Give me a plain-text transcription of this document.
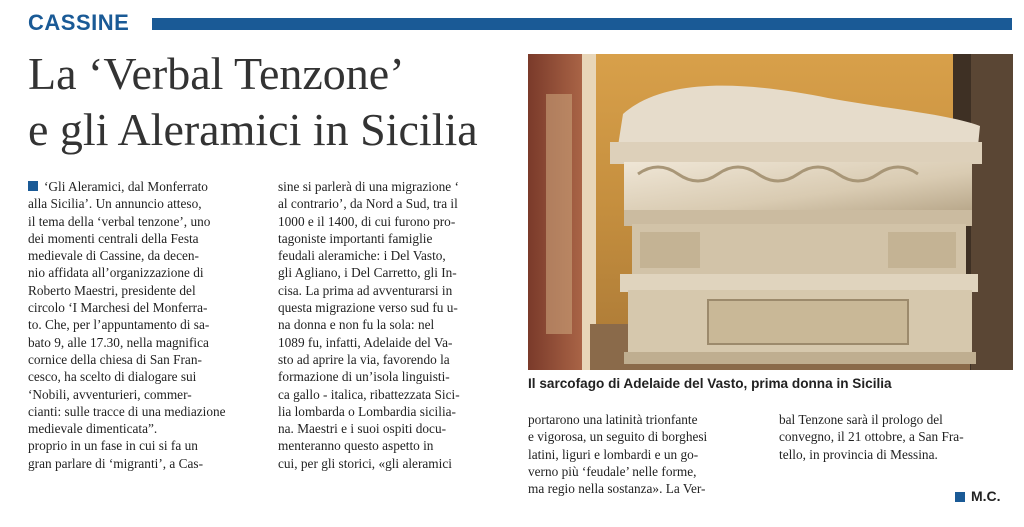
CASSINE
La ‘Verbal Tenzone’
e gli Aleramici in Sicilia
‘Gli Aleramici, dal Monferrato
alla Sicilia’. Un annuncio atteso,
il tema della ‘verbal tenzone’, uno
dei momenti centrali della Festa
medievale di Cassine, da decen-
nio affidata all’organizzazione di
Roberto Maestri, presidente del
circolo ‘I Marchesi del Monferra-
to. Che, per l’appuntamento di sa-
bato 9, alle 17.30, nella magnifica
cornice della chiesa di San Fran-
cesco, ha scelto di dialogare sui
‘Nobili, avventurieri, commer-
cianti: sulle tracce di una mediazione medievale dimenticata”.
proprio in un fase in cui si fa un
gran parlare di ‘migranti’, a Cas-
sine si parlerà di una migrazione ‘
al contrario’, da Nord a Sud, tra il
1000 e il 1400, di cui furono pro-
tagoniste importanti famiglie
feudali aleramiche: i Del Vasto,
gli Agliano, i Del Carretto, gli In-
cisa. La prima ad avventurarsi in
questa migrazione verso sud fu u-
na donna e non fu la sola: nel
1089 fu, infatti, Adelaide del Va-
sto ad aprire la via, favorendo la
formazione di un’isola linguisti-
ca gallo - italica, ribattezzata Sici-
lia lombarda o Lombardia sicilia-
na. Maestri e i suoi ospiti docu-
menteranno questo aspetto in
cui, per gli storici, «gli aleramici
Il sarcofago di Adelaide del Vasto, prima donna in Sicilia
portarono una latinità trionfante
e vigorosa, un seguito di borghesi
latini, liguri e lombardi e un go-
verno più ‘feudale’ nelle forme,
ma regio nella sostanza». La Ver-
bal Tenzone sarà il prologo del
convegno, il 21 ottobre, a San Fra-
tello, in provincia di Messina.
M.C.
